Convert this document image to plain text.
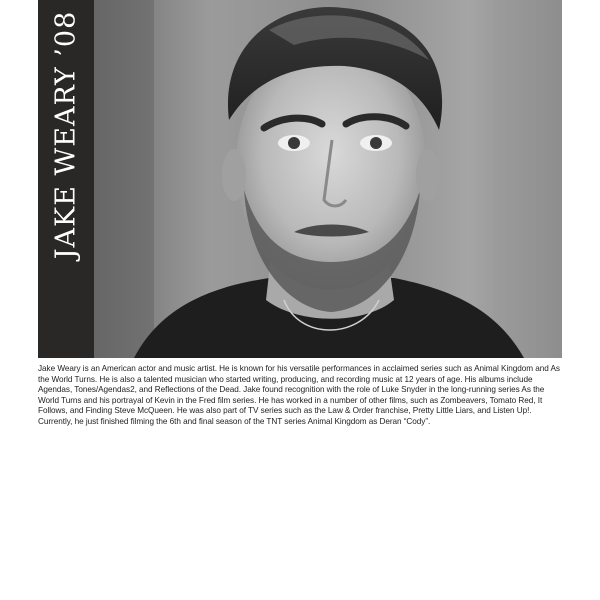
JAKE WEARY ’08

Jake Weary is an American actor and music artist. He is known for his versatile performances in acclaimed series such as Animal Kingdom and As the World Turns. He is also a talented musician who started writing, producing, and recording music at 12 years of age. His albums include Agendas, Tones/Agendas2, and Reflections of the Dead. Jake found recognition with the role of Luke Snyder in the long-running series As the World Turns and his portrayal of Kevin in the Fred film series. He has worked in a number of other films, such as Zombeavers, Tomato Red, It Follows, and Finding Steve McQueen. He was also part of TV series such as the Law & Order franchise, Pretty Little Liars, and Listen Up!. Currently, he just finished filming the 6th and final season of the TNT series Animal Kingdom as Deran “Cody”.
